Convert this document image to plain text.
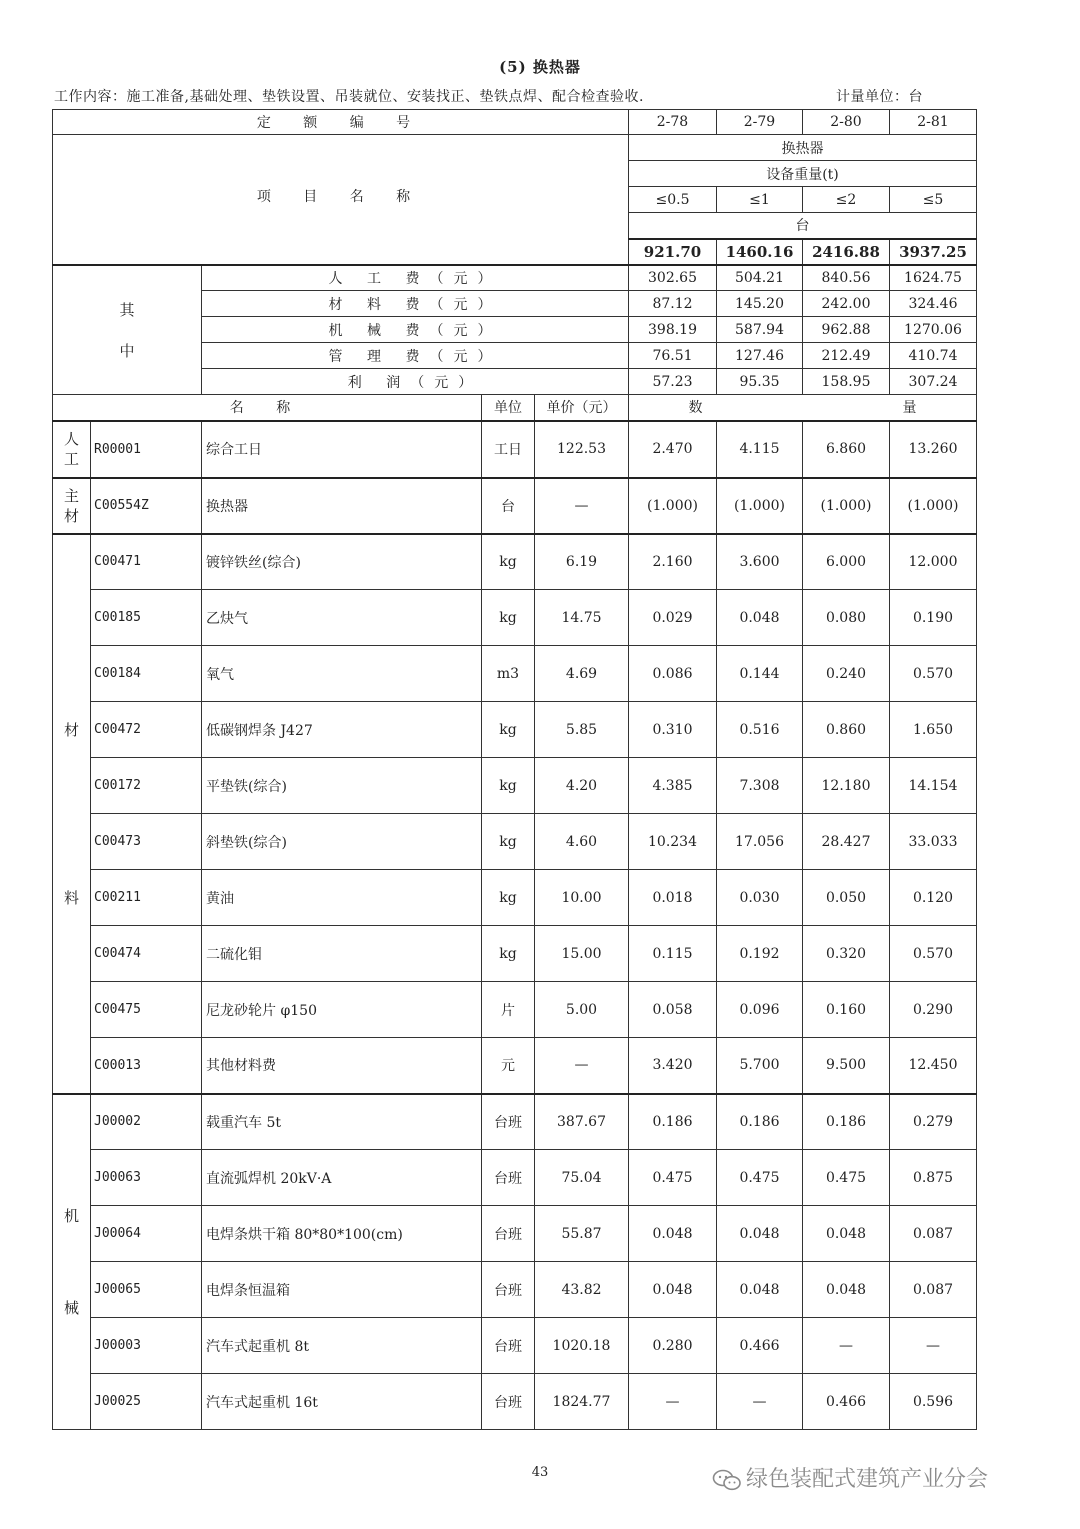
(5) 换热器
工作内容：施工准备,基础处理、垫铁设置、吊装就位、安装找正、垫铁点焊、配合检查验收.	计量单位：台
定 额 编 号					2-78	2-79	2-80	2-81
项 目 名 称					换热器			
					设备重量(t)			
					≤0.5	≤1	≤2	≤5
					台			
					921.70	1460.16	2416.88	3937.25

其
中		人 工 费（元）			302.65	504.21	840.56	1624.75
		材 料 费（元）			87.12	145.20	242.00	324.46
		机 械 费（元）			398.19	587.94	962.88	1270.06
		管 理 费（元）			76.51	127.46	212.49	410.74
		利 润（元）			57.23	95.35	158.95	307.24
名 称			单位	单价（元）	数 量			

人
工	R00001	综合工日	工日	122.53	2.470	4.115	6.860	13.260

主
材	C00554Z	换热器	台	—	(1.000)	(1.000)	(1.000)	(1.000)

材
料	C00471	镀锌铁丝(综合)	kg	6.19	2.160	3.600	6.000	12.000
	C00185	乙炔气	kg	14.75	0.029	0.048	0.080	0.190
	C00184	氧气	m3	4.69	0.086	0.144	0.240	0.570
	C00472	低碳钢焊条 J427	kg	5.85	0.310	0.516	0.860	1.650
	C00172	平垫铁(综合)	kg	4.20	4.385	7.308	12.180	14.154
	C00473	斜垫铁(综合)	kg	4.60	10.234	17.056	28.427	33.033
	C00211	黄油	kg	10.00	0.018	0.030	0.050	0.120
	C00474	二硫化钼	kg	15.00	0.115	0.192	0.320	0.570
	C00475	尼龙砂轮片 φ150	片	5.00	0.058	0.096	0.160	0.290
	C00013	其他材料费	元	—	3.420	5.700	9.500	12.450

机
械	J00002	载重汽车 5t	台班	387.67	0.186	0.186	0.186	0.279
	J00063	直流弧焊机 20kV·A	台班	75.04	0.475	0.475	0.475	0.875
	J00064	电焊条烘干箱 80*80*100(cm)	台班	55.87	0.048	0.048	0.048	0.087
	J00065	电焊条恒温箱	台班	43.82	0.048	0.048	0.048	0.087
	J00003	汽车式起重机 8t	台班	1020.18	0.280	0.466	—	—
	J00025	汽车式起重机 16t	台班	1824.77	—	—	0.466	0.596
43	绿色装配式建筑产业分会
